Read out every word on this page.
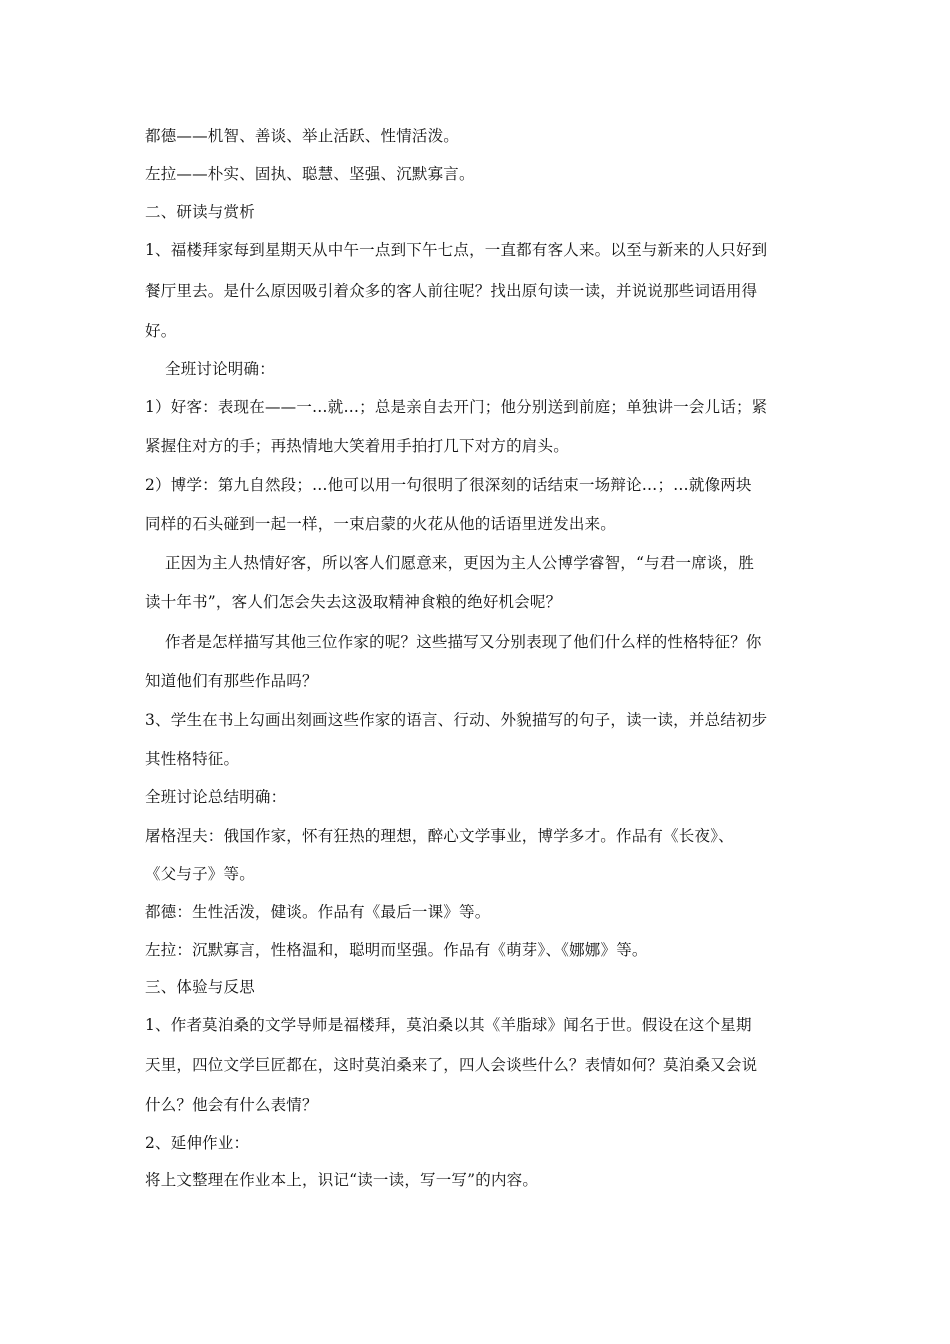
都德——机智、善谈、举止活跃、性情活泼。

左拉——朴实、固执、聪慧、坚强、沉默寡言。

二、研读与赏析

1、福楼拜家每到星期天从中午一点到下午七点，一直都有客人来。以至与新来的人只好到

餐厅里去。是什么原因吸引着众多的客人前往呢？找出原句读一读，并说说那些词语用得

好。

全班讨论明确：

1）好客：表现在——一…就…；总是亲自去开门；他分别送到前庭；单独讲一会儿话；紧

紧握住对方的手；再热情地大笑着用手拍打几下对方的肩头。

2）博学：第九自然段；…他可以用一句很明了很深刻的话结束一场辩论…；…就像两块

同样的石头碰到一起一样，一束启蒙的火花从他的话语里迸发出来。

正因为主人热情好客，所以客人们愿意来，更因为主人公博学睿智，“与君一席谈，胜

读十年书”，客人们怎会失去这汲取精神食粮的绝好机会呢？

作者是怎样描写其他三位作家的呢？这些描写又分别表现了他们什么样的性格特征？你

知道他们有那些作品吗？

3、学生在书上勾画出刻画这些作家的语言、行动、外貌描写的句子，读一读，并总结初步

其性格特征。

全班讨论总结明确：

屠格涅夫：俄国作家，怀有狂热的理想，醉心文学事业，博学多才。作品有《长夜》、

《父与子》等。

都德：生性活泼，健谈。作品有《最后一课》等。

左拉：沉默寡言，性格温和，聪明而坚强。作品有《萌芽》、《娜娜》等。

三、体验与反思

1、作者莫泊桑的文学导师是福楼拜，莫泊桑以其《羊脂球》闻名于世。假设在这个星期

天里，四位文学巨匠都在，这时莫泊桑来了，四人会谈些什么？表情如何？莫泊桑又会说

什么？他会有什么表情？

2、延伸作业：

将上文整理在作业本上，识记“读一读，写一写”的内容。
